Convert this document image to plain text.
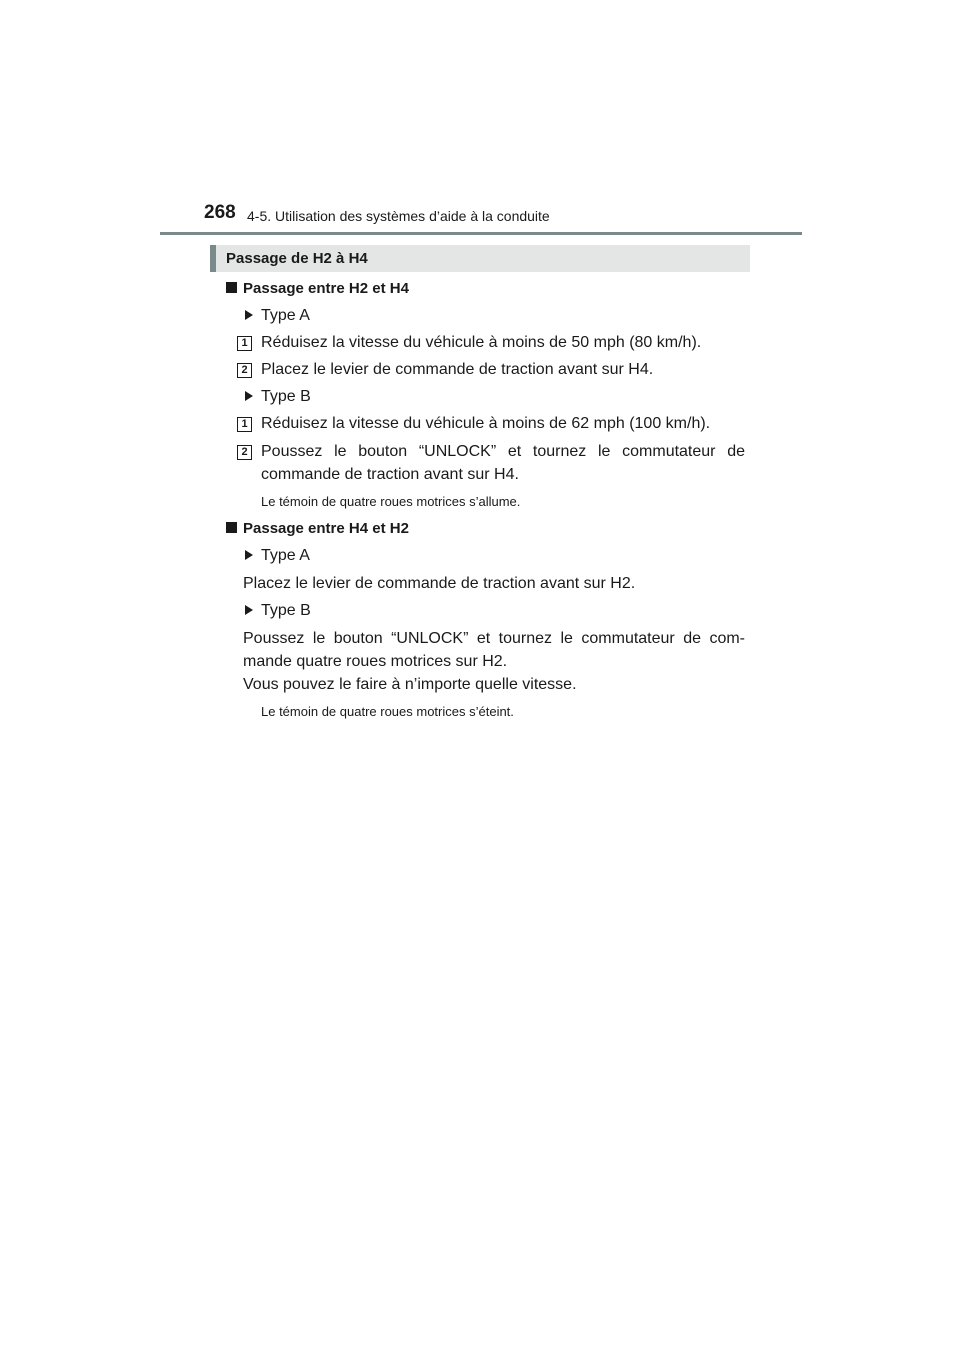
268 4-5. Utilisation des systèmes d’aide à la conduite
Passage de H2 à H4
Passage entre H2 et H4
Type A
1 Réduisez la vitesse du véhicule à moins de 50 mph (80 km/h).
2 Placez le levier de commande de traction avant sur H4.
Type B
1 Réduisez la vitesse du véhicule à moins de 62 mph (100 km/h).
2 Poussez le bouton “UNLOCK” et tournez le commutateur de
commande de traction avant sur H4.
Le témoin de quatre roues motrices s’allume.
Passage entre H4 et H2
Type A
Placez le levier de commande de traction avant sur H2.
Type B
Poussez le bouton “UNLOCK” et tournez le commutateur de com-
mande quatre roues motrices sur H2.
Vous pouvez le faire à n’importe quelle vitesse.
Le témoin de quatre roues motrices s’éteint.
